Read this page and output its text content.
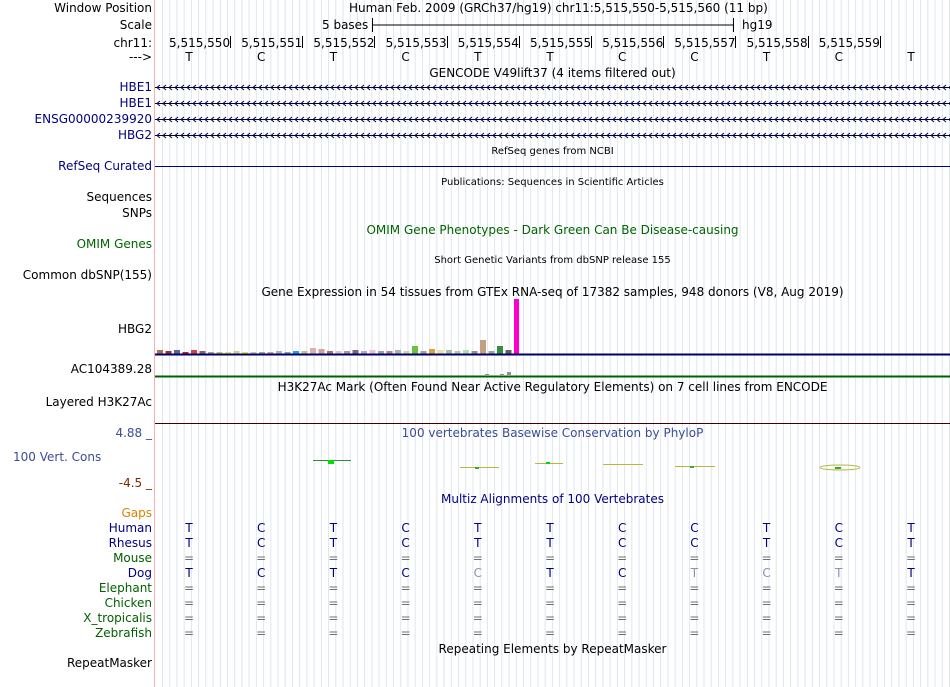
Window Position	Human Feb. 2009 (GRCh37/hg19) chr11:5,515,550-5,515,560 (11 bp)
Scale	5 bases	hg19
chr11: 5,515,550 5,515,551 5,515,552 5,515,553 5,515,554 5,515,555 5,515,556 5,515,557 5,515,558 5,515,559
--->	T	C	T	C	T	T	C	C	T	C	T
GENCODE V49lift37 (4 items filtered out)
HBE1
HBE1
ENSG00000239920
HBG2
RefSeq genes from NCBI
RefSeq Curated
Publications: Sequences in Scientific Articles
Sequences
SNPs
OMIM Gene Phenotypes - Dark Green Can Be Disease-causing
OMIM Genes
Short Genetic Variants from dbSNP release 155
Common dbSNP(155)
Gene Expression in 54 tissues from GTEx RNA-seq of 17382 samples, 948 donors (V8, Aug 2019)
HBG2
AC104389.28
H3K27Ac Mark (Often Found Near Active Regulatory Elements) on 7 cell lines from ENCODE
Layered H3K27Ac
100 vertebrates Basewise Conservation by PhyloP
4.88 _
100 Vert. Cons
-4.5 _
Multiz Alignments of 100 Vertebrates
Gaps
Human	T	C	T	C	T	T	C	C	T	C	T
Rhesus	T	C	T	C	T	T	C	C	T	C	T
Mouse	=	=	=	=	=	=	=	=	=	=	=
Dog	T	C	T	C	C	T	C	T	C	T	T
Elephant	=	=	=	=	=	=	=	=	=	=	=
Chicken	=	=	=	=	=	=	=	=	=	=	=
X_tropicalis	=	=	=	=	=	=	=	=	=	=	=
Zebrafish	=	=	=	=	=	=	=	=	=	=	=
Repeating Elements by RepeatMasker
RepeatMasker
